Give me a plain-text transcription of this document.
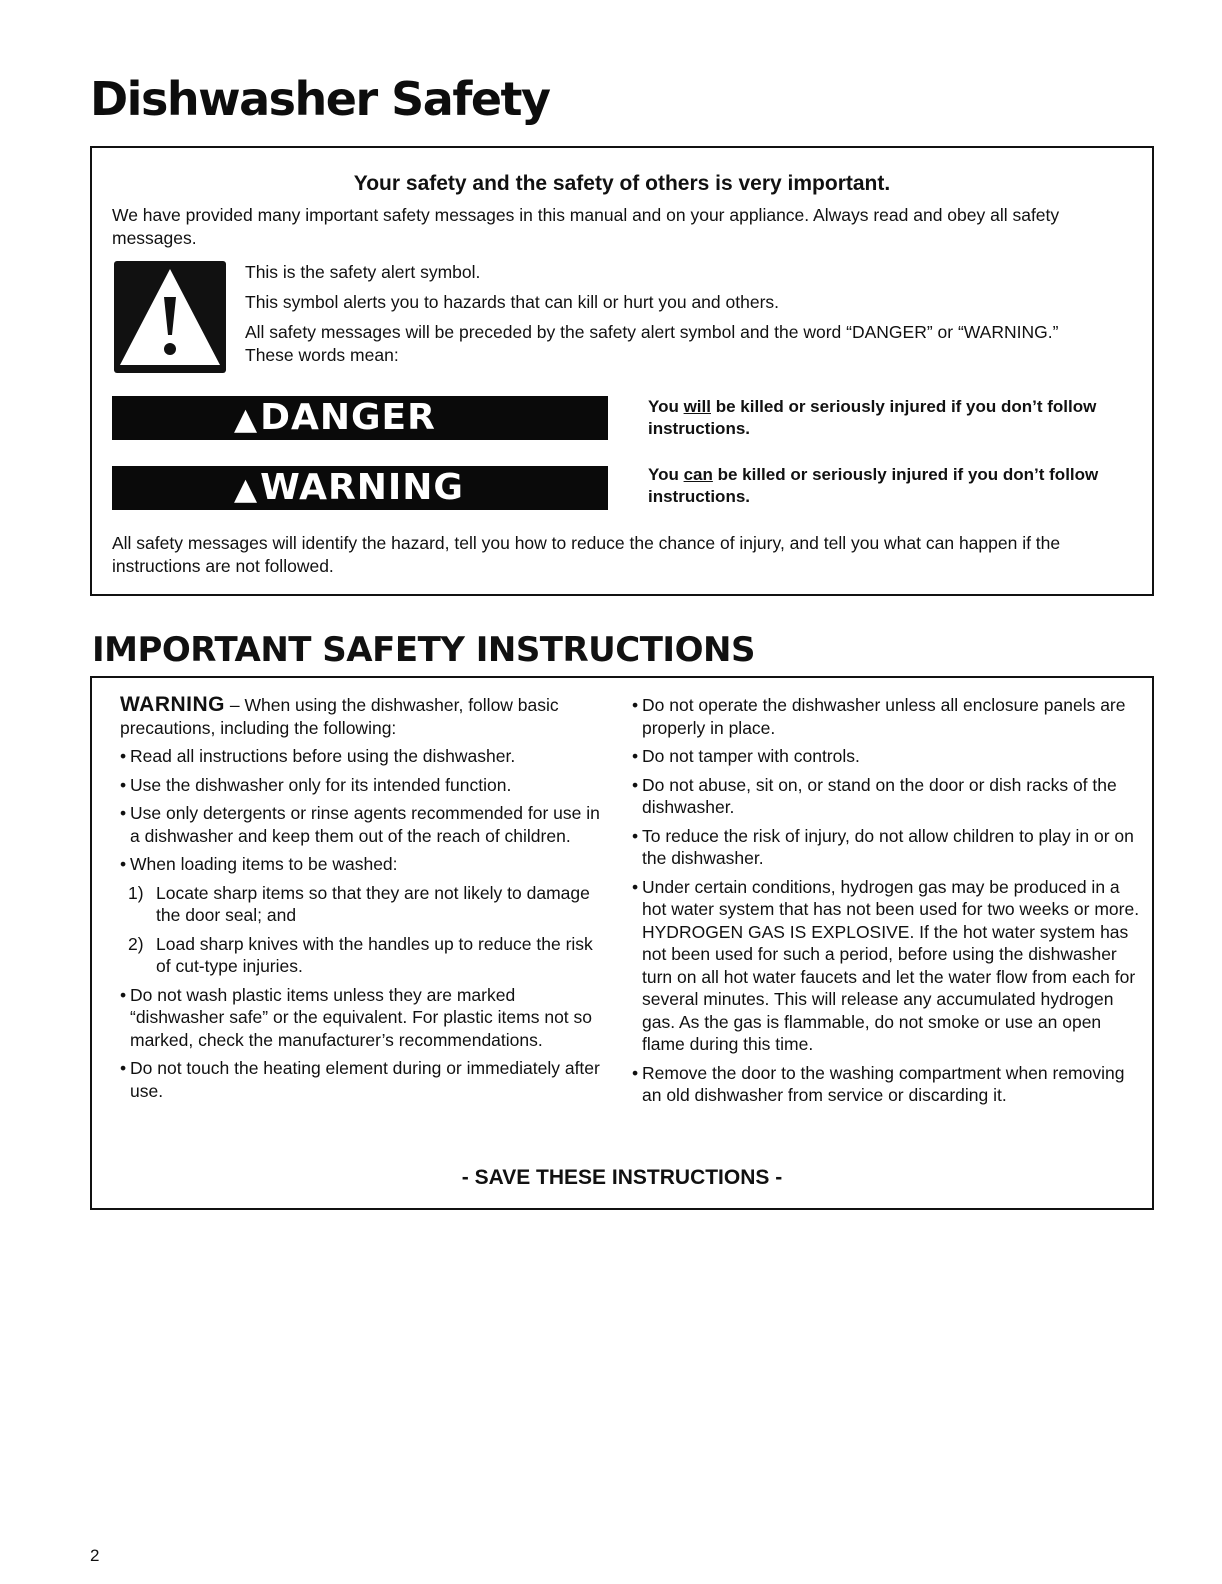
Dishwasher Safety
Your safety and the safety of others is very important.
We have provided many important safety messages in this manual and on your appliance. Always read and obey all safety messages.

This is the safety alert symbol.

This symbol alerts you to hazards that can kill or hurt you and others.

All safety messages will be preceded by the safety alert symbol and the word “DANGER” or “WARNING.” These words mean:

▲DANGER	You will be killed or seriously injured if you don’t follow instructions.
▲WARNING	You can be killed or seriously injured if you don’t follow instructions.
All safety messages will identify the hazard, tell you how to reduce the chance of injury, and tell you what can happen if the instructions are not followed.
IMPORTANT SAFETY INSTRUCTIONS

WARNING – When using the dishwasher, follow basic precautions, including the following:

• Read all instructions before using the dishwasher.

• Use the dishwasher only for its intended function.

• Use only detergents or rinse agents recommended for use in a dishwasher and keep them out of the reach of children.

• When loading items to be washed:

1) Locate sharp items so that they are not likely to damage the door seal; and

2) Load sharp knives with the handles up to reduce the risk of cut-type injuries.

• Do not wash plastic items unless they are marked “dishwasher safe” or the equivalent. For plastic items not so marked, check the manufacturer’s recommendations.

• Do not touch the heating element during or immediately after use.

• Do not operate the dishwasher unless all enclosure panels are properly in place.

• Do not tamper with controls.

• Do not abuse, sit on, or stand on the door or dish racks of the dishwasher.

• To reduce the risk of injury, do not allow children to play in or on the dishwasher.

• Under certain conditions, hydrogen gas may be produced in a hot water system that has not been used for two weeks or more. HYDROGEN GAS IS EXPLOSIVE. If the hot water system has not been used for such a period, before using the dishwasher turn on all hot water faucets and let the water flow from each for several minutes. This will release any accumulated hydrogen gas. As the gas is flammable, do not smoke or use an open flame during this time.

• Remove the door to the washing compartment when removing an old dishwasher from service or discarding it.

- SAVE THESE INSTRUCTIONS -
2
